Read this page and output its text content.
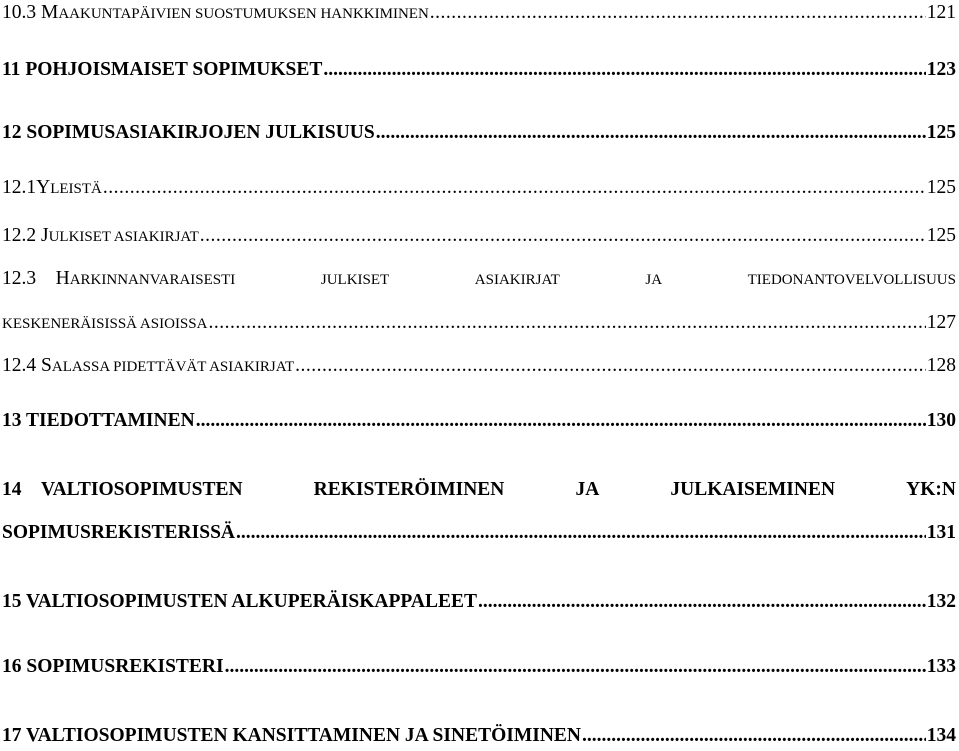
10.3 MAAKUNTAPÄIVIEN SUOSTUMUKSEN HANKKIMINEN .....	121
11 POHJOISMAISET SOPIMUKSET .....	123
12 SOPIMUSASIAKIRJOJEN JULKISUUS .....	125
12.1YLEISTÄ .....	125
12.2 JULKISET ASIAKIRJAT .....	125
12.3 HARKINNANVARAISESTI	JULKISET	ASIAKIRJAT	JA	TIEDONANTOVELVOLLISUUS
KESKENERÄISISSÄ ASIOISSA .....	127
12.4 SALASSA PIDETTÄVÄT ASIAKIRJAT .....	128
13 TIEDOTTAMINEN .....	130
14 VALTIOSOPIMUSTEN	REKISTERÖIMINEN	JA	JULKAISEMINEN	YK:N
SOPIMUSREKISTERISSÄ .....	131
15 VALTIOSOPIMUSTEN ALKUPERÄISKAPPALEET .....	132
16 SOPIMUSREKISTERI .....	133
17 VALTIOSOPIMUSTEN KANSITTAMINEN JA SINETÖIMINEN .....	134
